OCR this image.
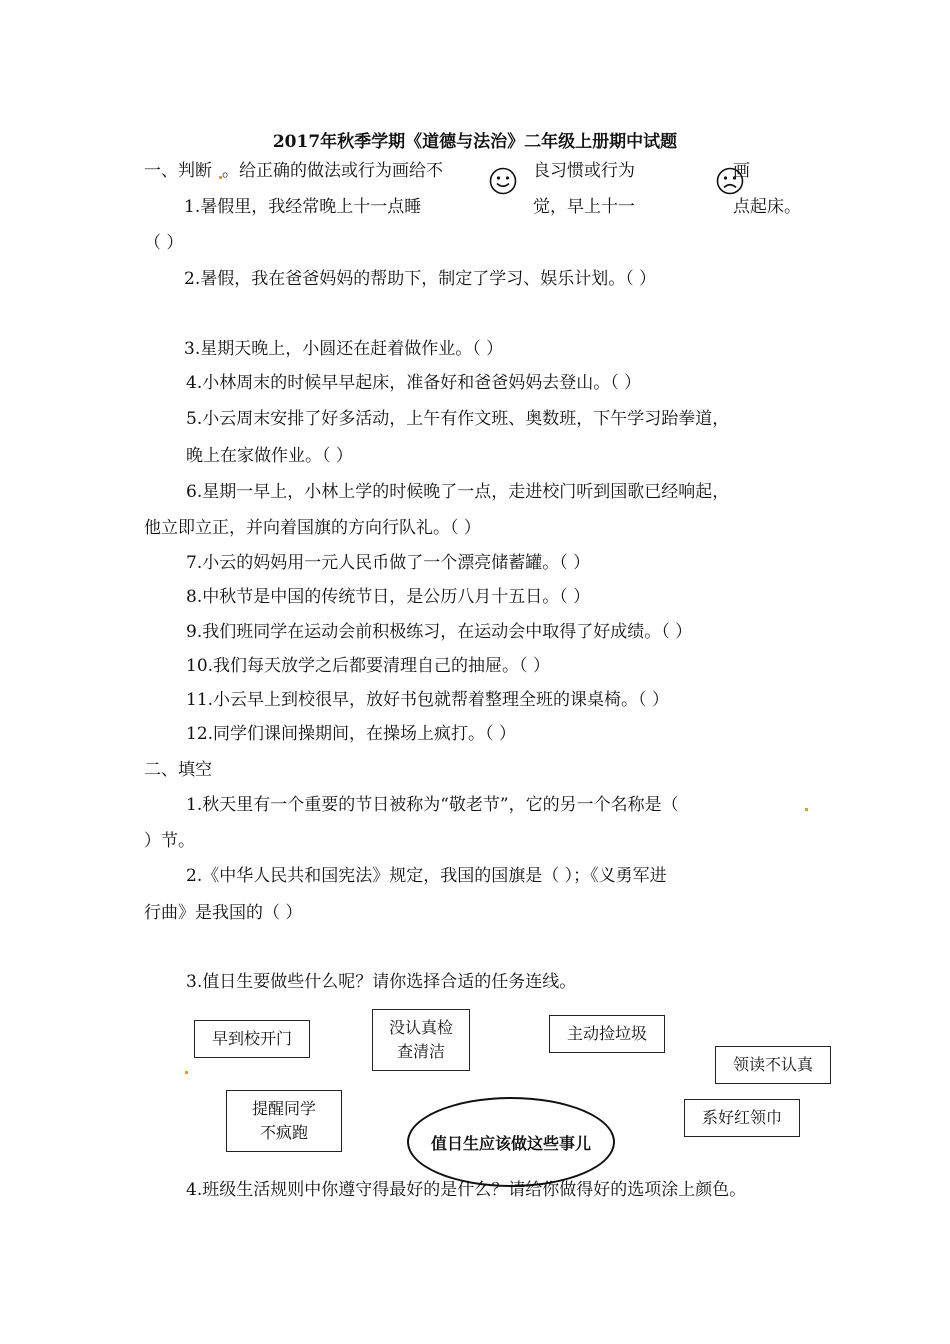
2017年秋季学期《道德与法治》二年级上册期中试题
一、判断 。给正确的做法或行为画给不	良习惯或行为	画
1.暑假里，我经常晚上十一点睡	觉，早上十一	点起床。
（ ）
2.暑假，我在爸爸妈妈的帮助下，制定了学习、娱乐计划。（ ）
3.星期天晚上，小圆还在赶着做作业。（ ）
4.小林周末的时候早早起床，准备好和爸爸妈妈去登山。（ ）
5.小云周末安排了好多活动，上午有作文班、奥数班，下午学习跆拳道，
晚上在家做作业。（ ）
6.星期一早上，小林上学的时候晚了一点，走进校门听到国歌已经响起，
他立即立正，并向着国旗的方向行队礼。（ ）
7.小云的妈妈用一元人民币做了一个漂亮储蓄罐。（ ）
8.中秋节是中国的传统节日，是公历八月十五日。（ ）
9.我们班同学在运动会前积极练习，在运动会中取得了好成绩。（ ）
10.我们每天放学之后都要清理自己的抽屉。（ ）
11.小云早上到校很早，放好书包就帮着整理全班的课桌椅。（ ）
12.同学们课间操期间，在操场上疯打。（ ）
二、填空
1.秋天里有一个重要的节日被称为“敬老节”，它的另一个名称是（
）节。
2.《中华人民共和国宪法》规定，我国的国旗是（ ）；《义勇军进
行曲》是我国的（ ）
3.值日生要做些什么呢？请你选择合适的任务连线。
早到校开门
没认真检
查清洁
主动捡垃圾
领读不认真
提醒同学
不疯跑
系好红领巾
值日生应该做这些事儿
4.班级生活规则中你遵守得最好的是什么？请给你做得好的选项涂上颜色。
